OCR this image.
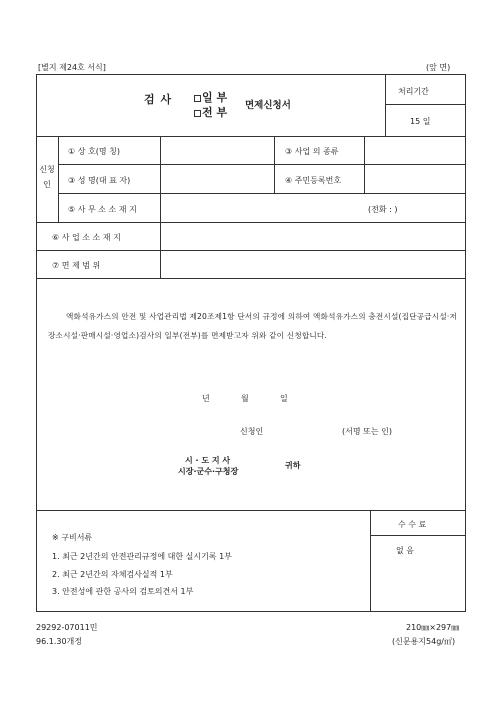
[별지 제24호 서식]	(앞 면)
검 사	일 부
전 부
면제신청서
처리기간
15 일
신청인
① 상 호(명 칭)	③ 사업 의 종류
③ 성 명(대 표 자)	④ 주민등록번호
⑤ 사 무 소 소 재 지	(전화 : )
⑥ 사 업 소 소 재 지
⑦ 면 제 범 위
액화석유가스의 안전 및 사업관리법 제20조제1항 단서의 규정에 의하여 액화석유가스의 충전시설(집단공급시설·저장소시설·판매시설·영업소)검사의 일부(전부)를 면제받고자 위와 같이 신청합니다.
년	월	일
신청인	(서명 또는 인)
시 · 도 지 사
시장·군수·구청장
귀하
※ 구비서류
1. 최근 2년간의 안전관리규정에 대한 실시기록 1부
2. 최근 2년간의 자체검사실적 1부
3. 안전성에 관한 공사의 검토의견서 1부
수 수 료
없 음
29292-07011민
96.1.30개정
210㎜×297㎜
(신문용지54g/㎡)
